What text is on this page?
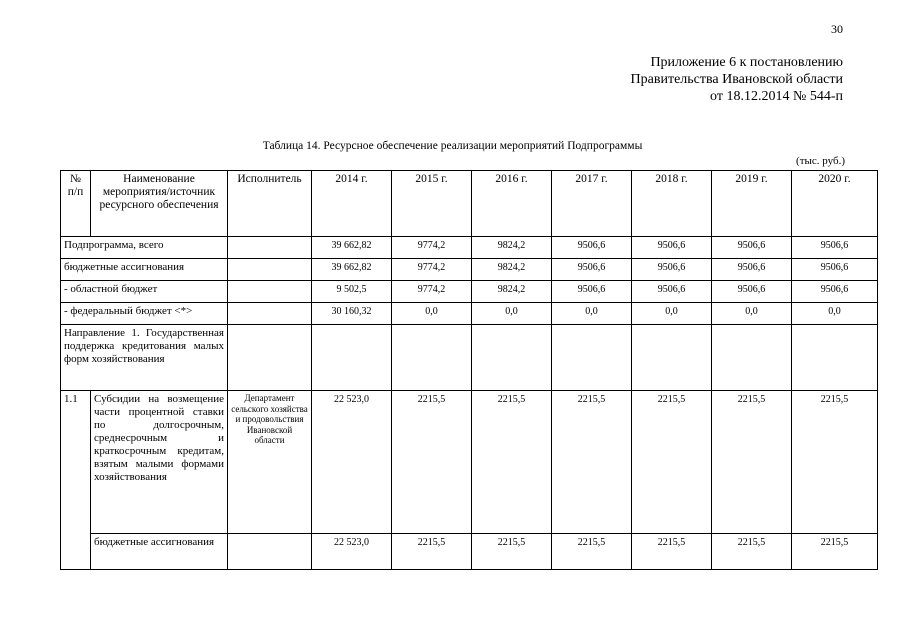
30
Приложение 6 к постановлению
Правительства Ивановской области
от 18.12.2014 № 544-п
Таблица 14. Ресурсное обеспечение реализации мероприятий Подпрограммы
(тыс. руб.)
№ п/п	Наименование мероприятия/источник ресурсного обеспечения	Исполнитель	2014 г.	2015 г.	2016 г.	2017 г.	2018 г.	2019 г.	2020 г.
Подпрограмма, всего			39 662,82	9774,2	9824,2	9506,6	9506,6	9506,6	9506,6
бюджетные ассигнования			39 662,82	9774,2	9824,2	9506,6	9506,6	9506,6	9506,6
- областной бюджет			9 502,5	9774,2	9824,2	9506,6	9506,6	9506,6	9506,6
- федеральный бюджет <*>			30 160,32	0,0	0,0	0,0	0,0	0,0	0,0
Направление 1. Государственная поддержка кредитования малых форм хозяйствования									
1.1	Субсидии на возмещение части процентной ставки по долгосрочным, среднесрочным и краткосрочным кредитам, взятым малыми формами хозяйствования	Департамент сельского хозяйства и продовольствия Ивановской области	22 523,0	2215,5	2215,5	2215,5	2215,5	2215,5	2215,5
	бюджетные ассигнования		22 523,0	2215,5	2215,5	2215,5	2215,5	2215,5	2215,5
